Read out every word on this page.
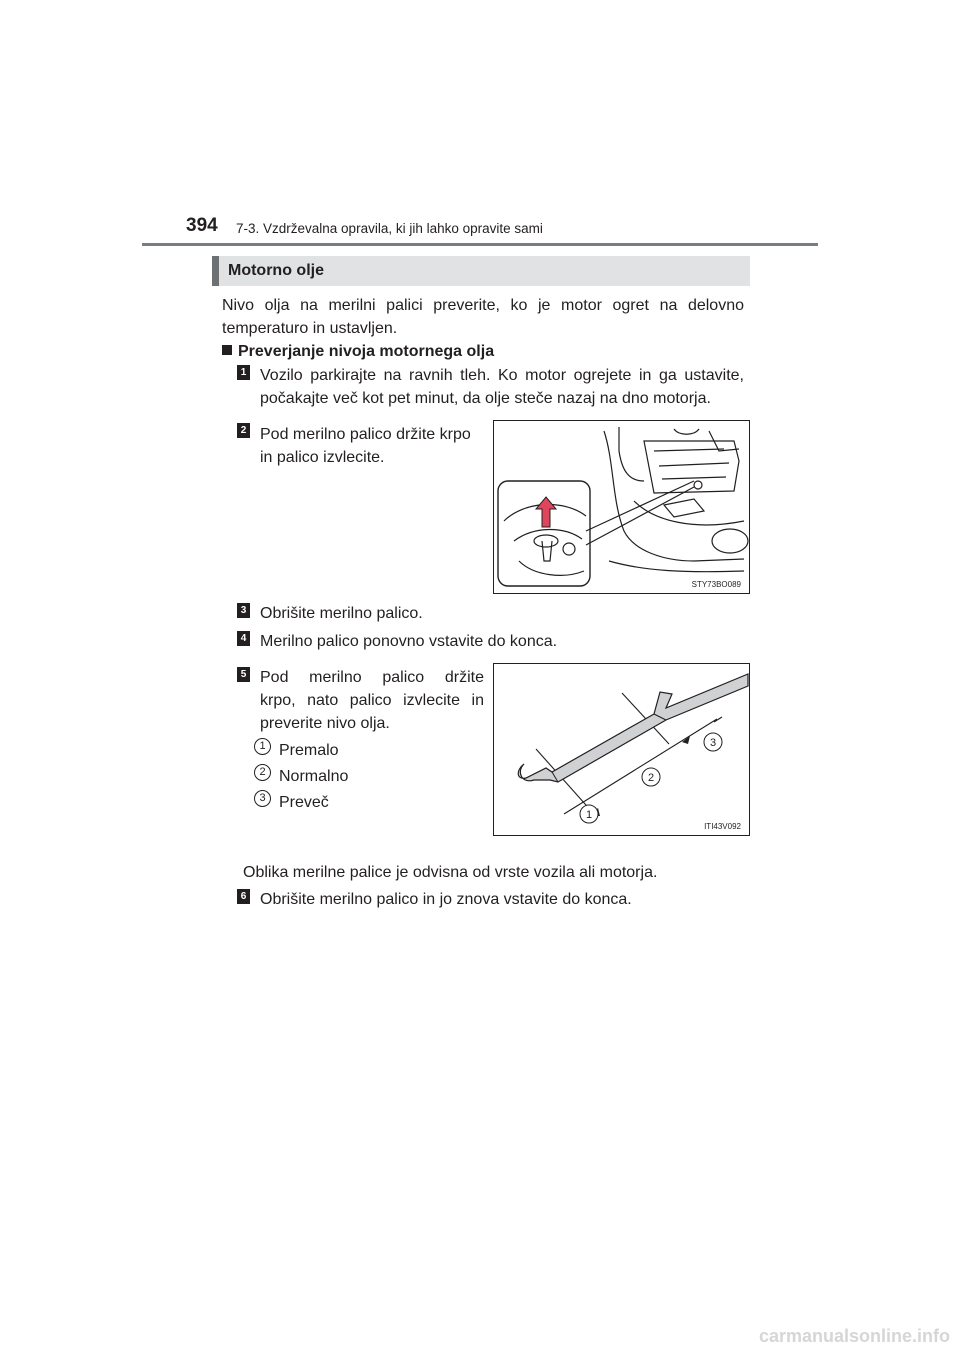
394 7-3. Vzdrževalna opravila, ki jih lahko opravite sami
Motorno olje
Nivo olja na merilni palici preverite, ko je motor ogret na delovno
temperaturo in ustavljen.
Preverjanje nivoja motornega olja
1 Vozilo parkirajte na ravnih tleh. Ko motor ogrejete in ga ustavite,
počakajte več kot pet minut, da olje steče nazaj na dno motorja.
2 Pod merilno palico držite krpo
in palico izvlecite.
STY73BO089
3 Obrišite merilno palico.
4 Merilno palico ponovno vstavite do konca.
5 Pod merilno palico držite
krpo, nato palico izvlecite in
preverite nivo olja.
1 Premalo
2 Normalno
3 Preveč
1
2
3
ITI43V092
Oblika merilne palice je odvisna od vrste vozila ali motorja.
6 Obrišite merilno palico in jo znova vstavite do konca.
carmanualsonline.info
